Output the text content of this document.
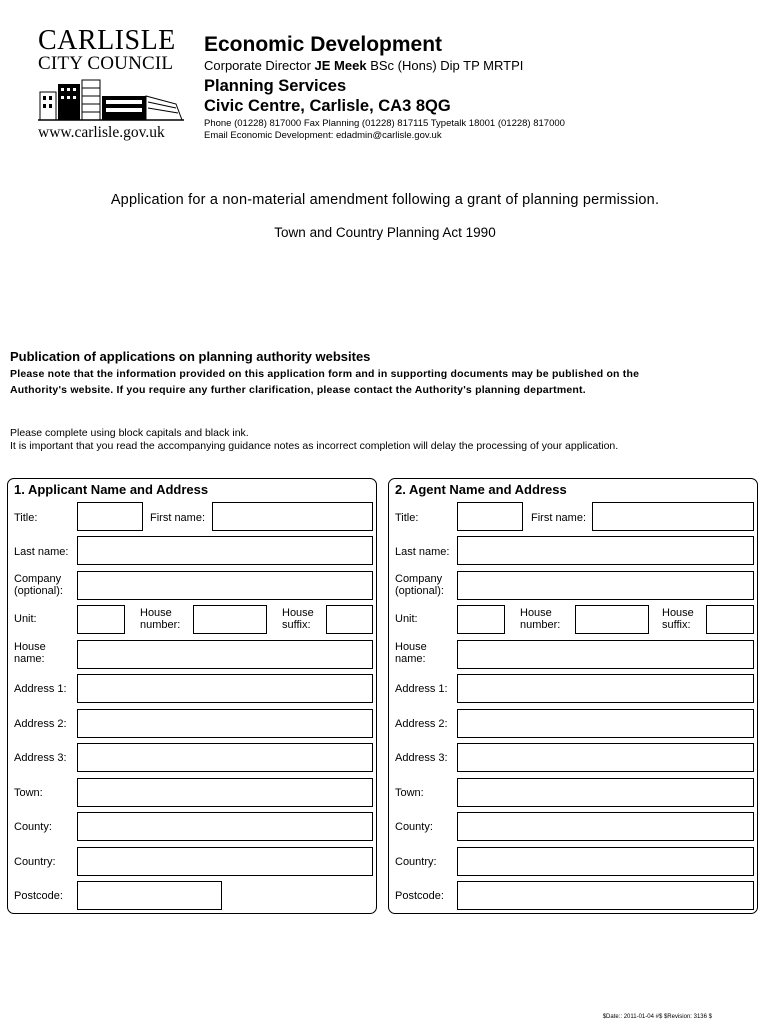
CARLISLE
CITY COUNCIL
www.carlisle.gov.uk
Economic Development
Corporate Director JE Meek BSc (Hons) Dip TP MRTPI
Planning Services
Civic Centre, Carlisle, CA3 8QG
Phone (01228) 817000 Fax Planning (01228) 817115 Typetalk 18001 (01228) 817000
Email Economic Development: edadmin@carlisle.gov.uk
Application for a non-material amendment following a grant of planning permission.
Town and Country Planning Act 1990
Publication of applications on planning authority websites
Please note that the information provided on this application form and in supporting documents may be published on the
Authority's website. If you require any further clarification, please contact the Authority's planning department.
Please complete using block capitals and black ink.
It is important that you read the accompanying guidance notes as incorrect completion will delay the processing of your application.
1. Applicant Name and Address
Title:	First name:
Last name:
Company
(optional):
Unit:	House
number:
House
suffix:
House
name:
Address 1:
Address 2:
Address 3:
Town:
County:
Country:
Postcode:
2. Agent Name and Address
Title:	First name:
Last name:
Company
(optional):
Unit:	House
number:
House
suffix:
House
name:
Address 1:
Address 2:
Address 3:
Town:
County:
Country:
Postcode:
$Date:: 2011-01-04 #$ $Revision: 3136 $
